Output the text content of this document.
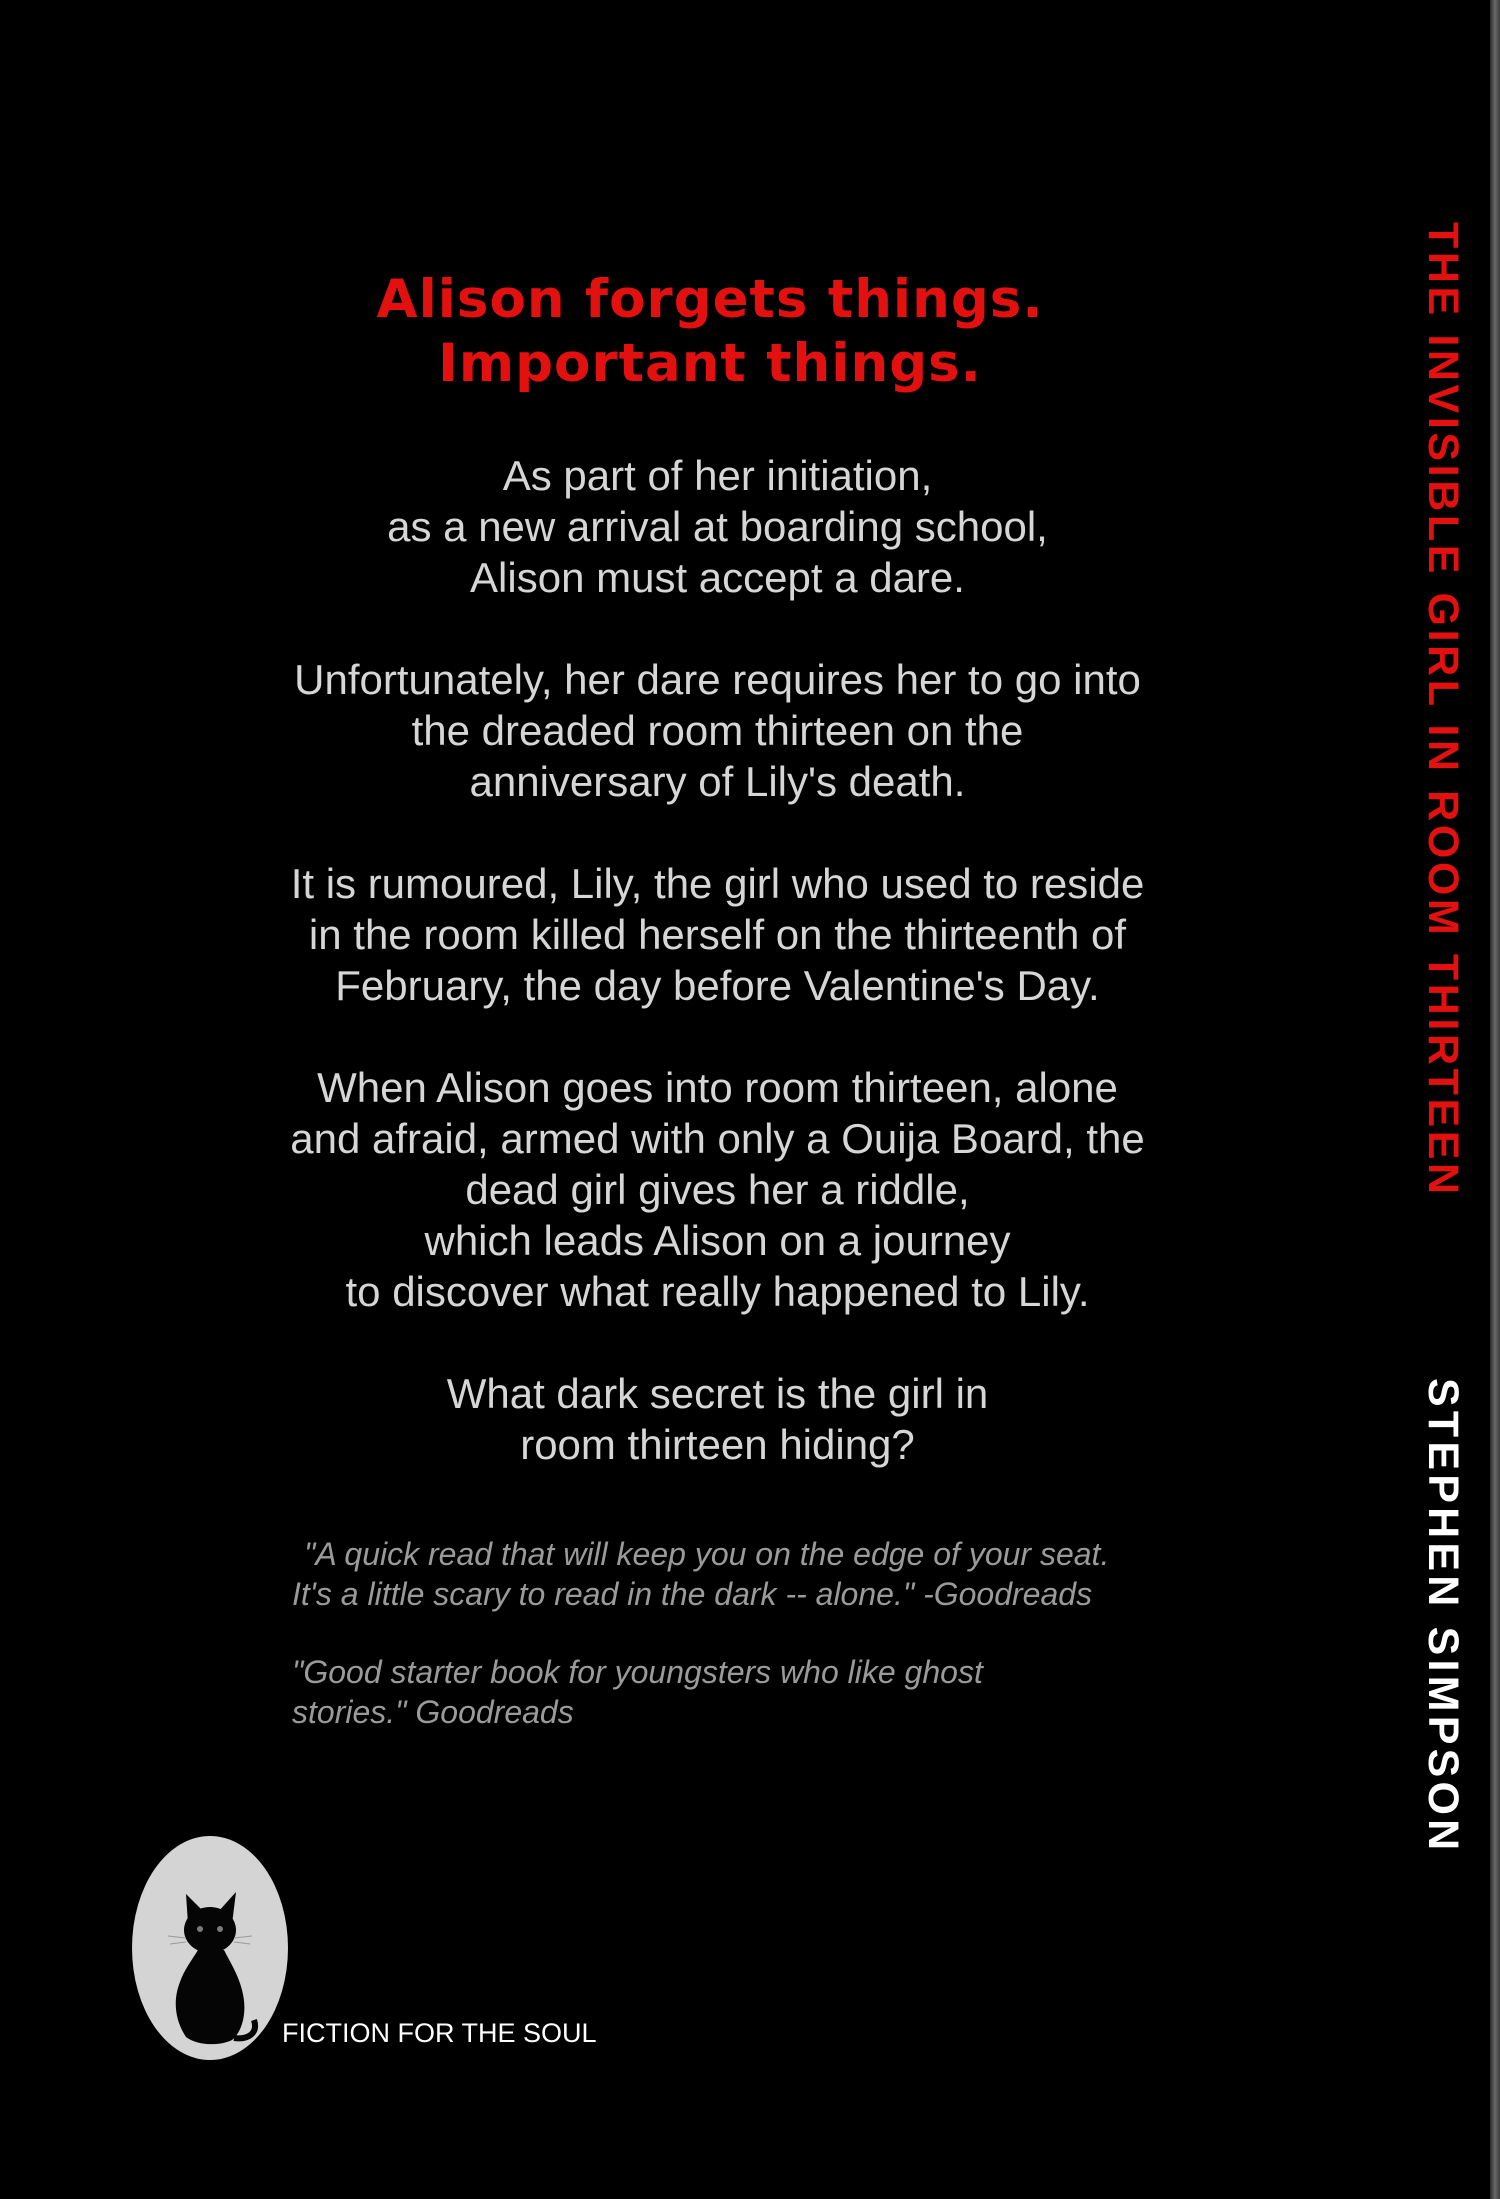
Alison forgets things.
Important things.
As part of her initiation,
as a new arrival at boarding school,
Alison must accept a dare.
Unfortunately, her dare requires her to go into
the dreaded room thirteen on the
anniversary of Lily's death.
It is rumoured, Lily, the girl who used to reside
in the room killed herself on the thirteenth of
February, the day before Valentine's Day.
When Alison goes into room thirteen, alone
and afraid, armed with only a Ouija Board, the
dead girl gives her a riddle,
which leads Alison on a journey
to discover what really happened to Lily.
What dark secret is the girl in
room thirteen hiding?
"A quick read that will keep you on the edge of your seat.
It's a little scary to read in the dark -- alone." -Goodreads
"Good starter book for youngsters who like ghost
stories." Goodreads
THE INVISIBLE GIRL IN ROOM THIRTEEN
STEPHEN SIMPSON
FICTION FOR THE SOUL
